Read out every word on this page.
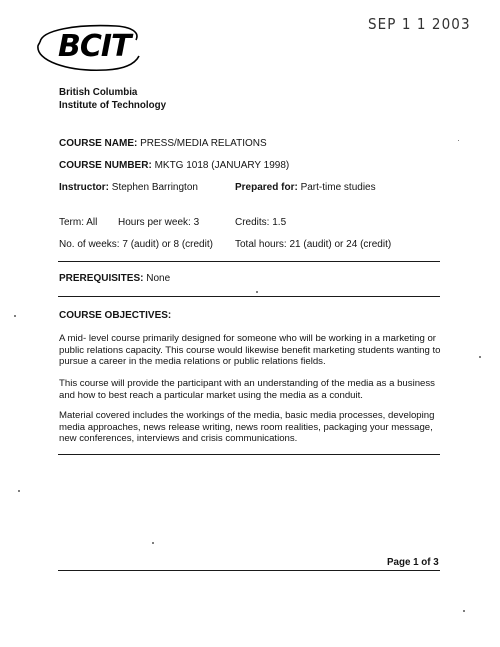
SEP 1 1 2003
BCIT
British Columbia
Institute of Technology
COURSE NAME: PRESS/MEDIA RELATIONS
COURSE NUMBER: MKTG 1018 (JANUARY 1998)
Instructor: Stephen Barrington	Prepared for: Part-time studies
Term: All Hours per week: 3	Credits: 1.5
No. of weeks: 7 (audit) or 8 (credit) Total hours: 21 (audit) or 24 (credit)
PREREQUISITES: None
COURSE OBJECTIVES:
A mid- level course primarily designed for someone who will be working in a marketing or public relations capacity. This course would likewise benefit marketing students wanting to pursue a career in the media relations or public relations fields.
This course will provide the participant with an understanding of the media as a business and how to best reach a particular market using the media as a conduit.
Material covered includes the workings of the media, basic media processes, developing media approaches, news release writing, news room realities, packaging your message, new conferences, interviews and crisis communications.
Page 1 of 3
